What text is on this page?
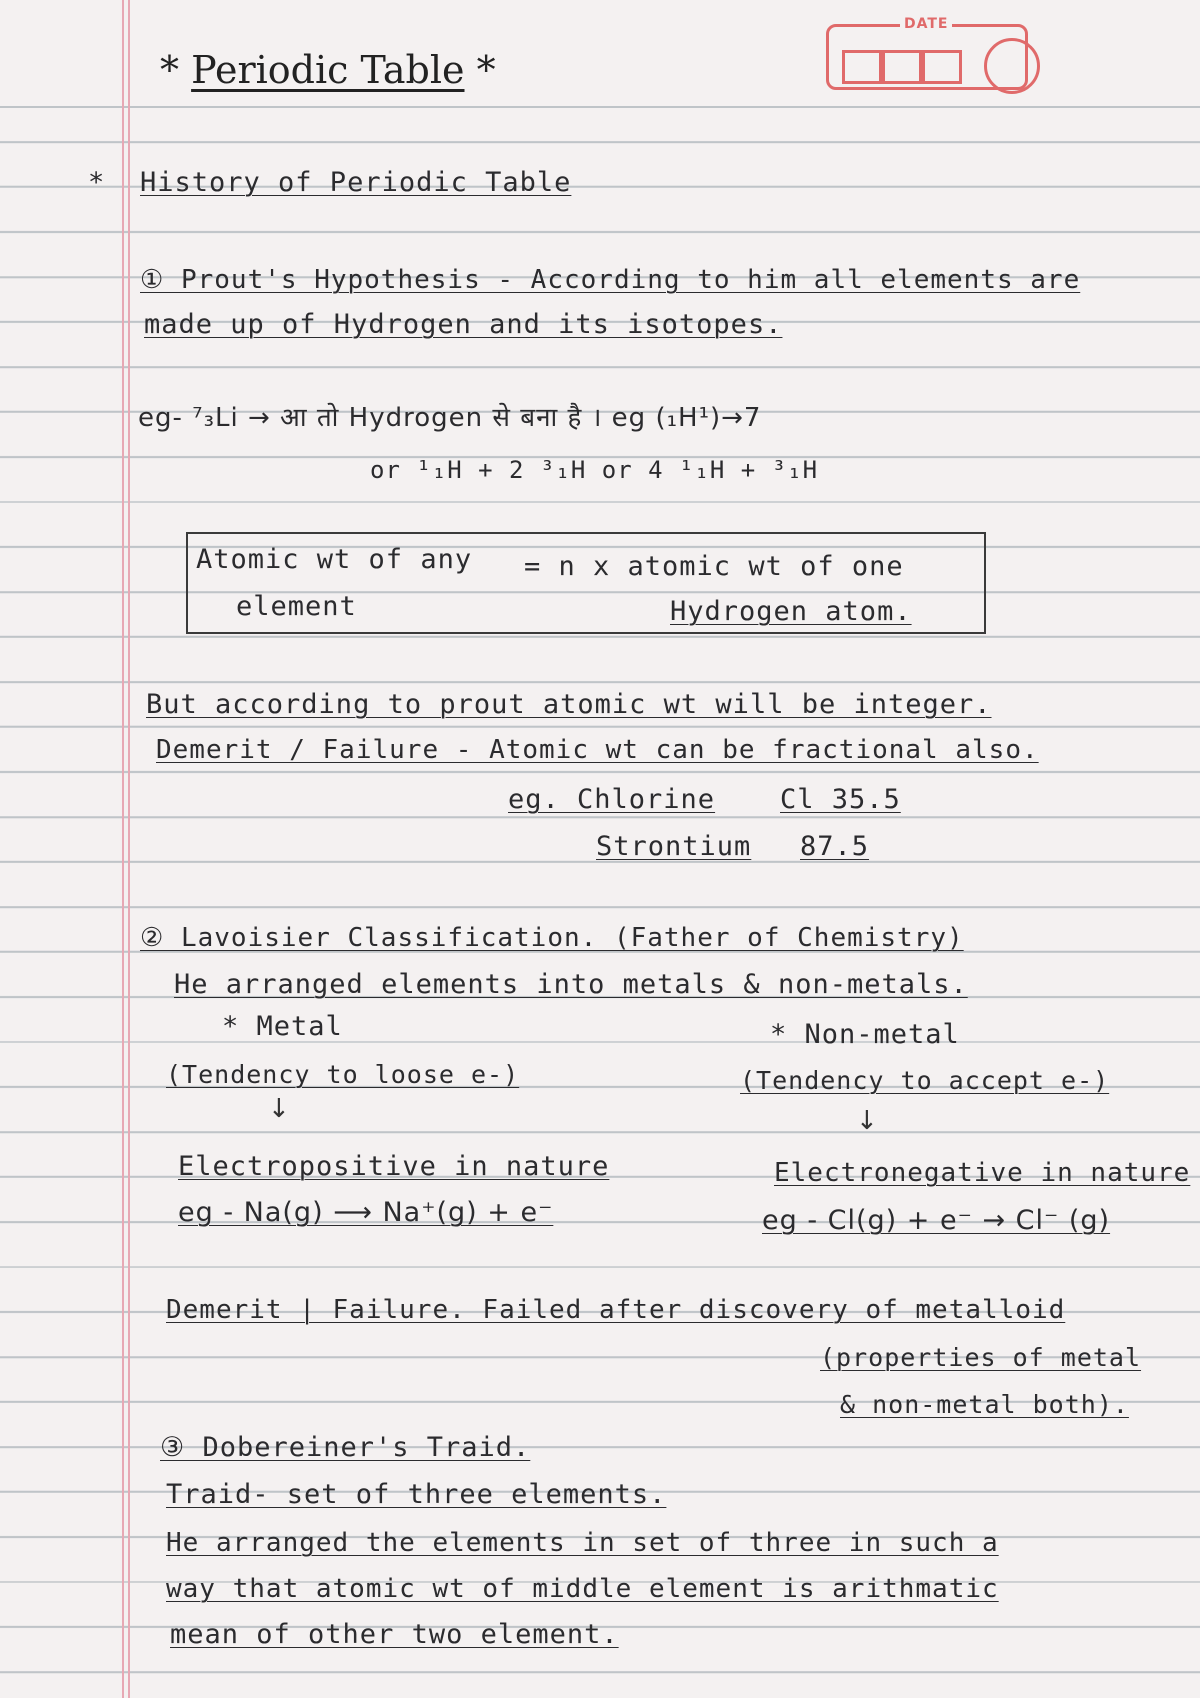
DATE
* Periodic Table *
* History of Periodic Table
① Prout's Hypothesis - According to him all elements are
made up of Hydrogen and its isotopes.
eg- ⁷₃Li → आ तो Hydrogen से बना है । eg (₁H¹)→7
or ¹₁H + 2 ³₁H or 4 ¹₁H + ³₁H
Atomic wt of any
element
= n x atomic wt of one
Hydrogen atom.
But according to prout atomic wt will be integer.
Demerit / Failure - Atomic wt can be fractional also.
eg. Chlorine Cl 35.5
Strontium 87.5
② Lavoisier Classification. (Father of Chemistry)
He arranged elements into metals & non-metals.
* Metal
(Tendency to loose e-)
↓
Electropositive in nature
eg - Na(g) ⟶ Na⁺(g) + e⁻
* Non-metal
(Tendency to accept e-)
↓
Electronegative in nature
eg - Cl(g) + e⁻ → Cl⁻ (g)
Demerit | Failure. Failed after discovery of metalloid
(properties of metal
& non-metal both).
③ Dobereiner's Traid.
Traid- set of three elements.
He arranged the elements in set of three in such a
way that atomic wt of middle element is arithmatic
mean of other two element.
